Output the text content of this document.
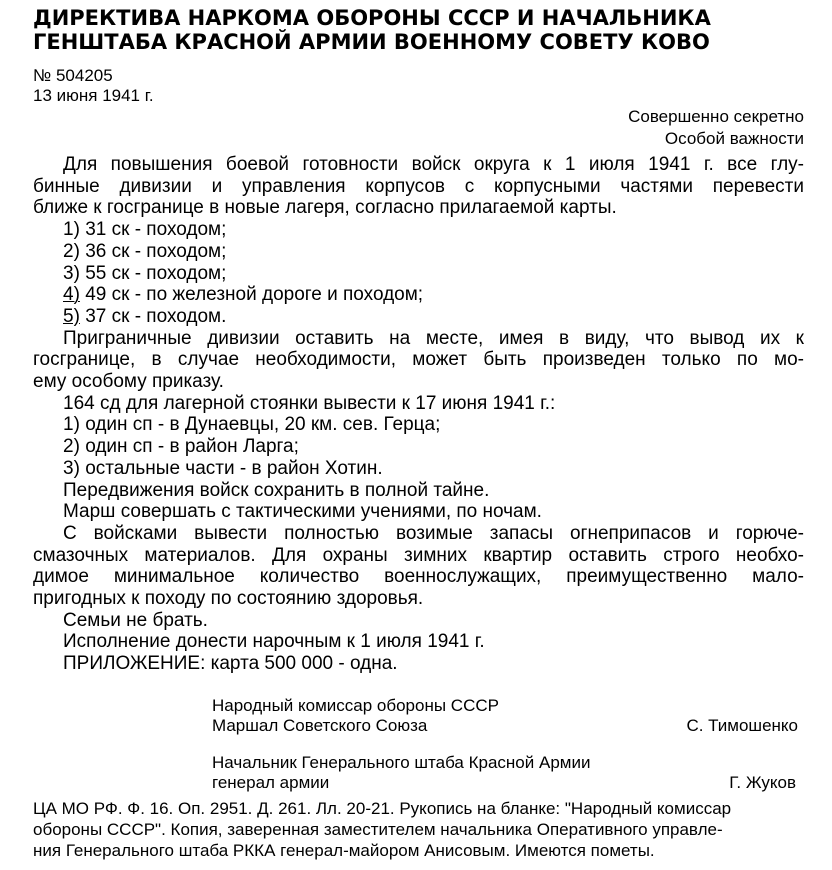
ДИРЕКТИВА НАРКОМА ОБОРОНЫ СССР И НАЧАЛЬНИКА
ГЕНШТАБА КРАСНОЙ АРМИИ ВОЕННОМУ СОВЕТУ КОВО
№ 504205
13 июня 1941 г.
Совершенно секретно
Особой важности
Для повышения боевой готовности войск округа к 1 июля 1941 г. все глу-
бинные дивизии и управления корпусов с корпусными частями перевести
ближе к госгранице в новые лагеря, согласно прилагаемой карты.
1) 31 ск - походом;
2) 36 ск - походом;
3) 55 ск - походом;
4) 49 ск - по железной дороге и походом;
5) 37 ск - походом.
Приграничные дивизии оставить на месте, имея в виду, что вывод их к
госгранице, в случае необходимости, может быть произведен только по мо-
ему особому приказу.
164 сд для лагерной стоянки вывести к 17 июня 1941 г.:
1) один сп - в Дунаевцы, 20 км. сев. Герца;
2) один сп - в район Ларга;
3) остальные части - в район Хотин.
Передвижения войск сохранить в полной тайне.
Марш совершать с тактическими учениями, по ночам.
С войсками вывести полностью возимые запасы огнеприпасов и горюче-
смазочных материалов. Для охраны зимних квартир оставить строго необхо-
димое минимальное количество военнослужащих, преимущественно мало-
пригодных к походу по состоянию здоровья.
Семьи не брать.
Исполнение донести нарочным к 1 июля 1941 г.
ПРИЛОЖЕНИЕ: карта 500 000 - одна.
Народный комиссар обороны СССР
Маршал Советского Союза	С. Тимошенко
Начальник Генерального штаба Красной Армии
генерал армии	Г. Жуков
ЦА МО РФ. Ф. 16. Оп. 2951. Д. 261. Лл. 20-21. Рукопись на бланке: "Народный комиссар
обороны СССР". Копия, заверенная заместителем начальника Оперативного управле-
ния Генерального штаба РККА генерал-майором Анисовым. Имеются пометы.
